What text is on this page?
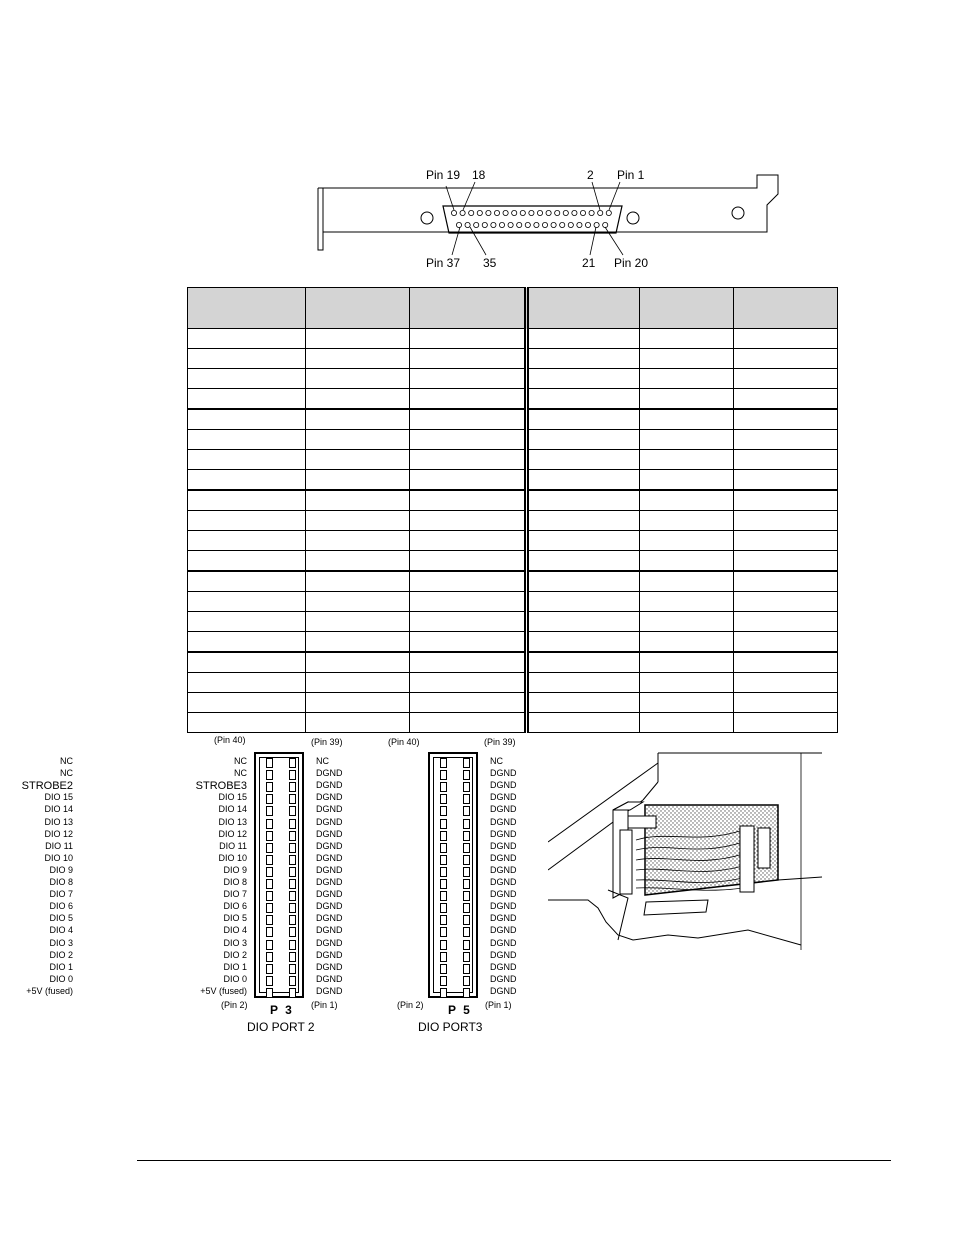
Pin 19 18	2 Pin 1
Pin 37 35	21 Pin 20

(Pin 40)	(Pin 39)
NC	NC
NC	DGND
STROBE2	DGND
DIO 15	DGND
DIO 14	DGND
DIO 13	DGND
DIO 12	DGND
DIO 11	DGND
DIO 10	DGND
DIO 9	DGND
DIO 8	DGND
DIO 7	DGND
DIO 6	DGND
DIO 5	DGND
DIO 4	DGND
DIO 3	DGND
DIO 2	DGND
DIO 1	DGND
DIO 0	DGND
+5V (fused)	DGND
(Pin 2) P 3 (Pin 1)
DIO PORT 2
(Pin 40)	(Pin 39)
NC	NC
NC	DGND
STROBE3	DGND
DIO 15	DGND
DIO 14	DGND
DIO 13	DGND
DIO 12	DGND
DIO 11	DGND
DIO 10	DGND
DIO 9	DGND
DIO 8	DGND
DIO 7	DGND
DIO 6	DGND
DIO 5	DGND
DIO 4	DGND
DIO 3	DGND
DIO 2	DGND
DIO 1	DGND
DIO 0	DGND
+5V (fused)	DGND
(Pin 2) P 5 (Pin 1)
DIO PORT3
